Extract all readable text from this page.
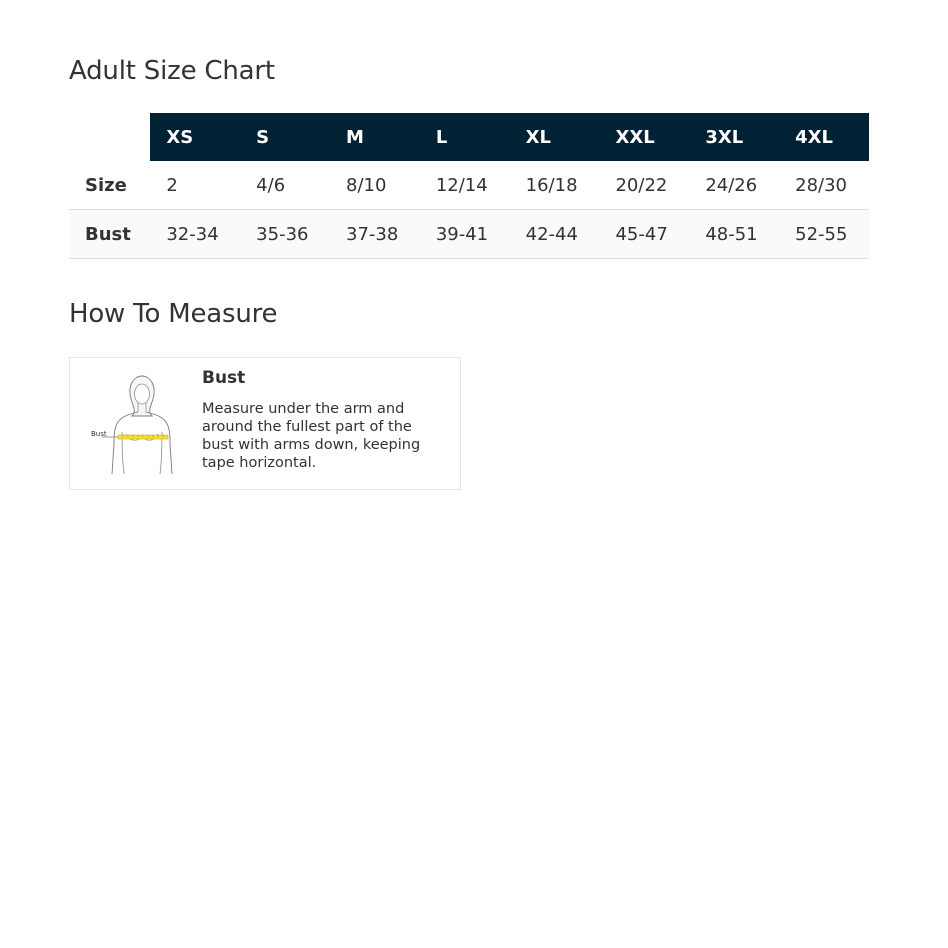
Adult Size Chart
	XS	S	M	L	XL	XXL	3XL	4XL
Size	2	4/6	8/10	12/14	16/18	20/22	24/26	28/30
Bust	32-34	35-36	37-38	39-41	42-44	45-47	48-51	52-55
How To Measure
Bust
Bust
Measure under the arm and around the fullest part of the bust with arms down, keeping tape horizontal.
